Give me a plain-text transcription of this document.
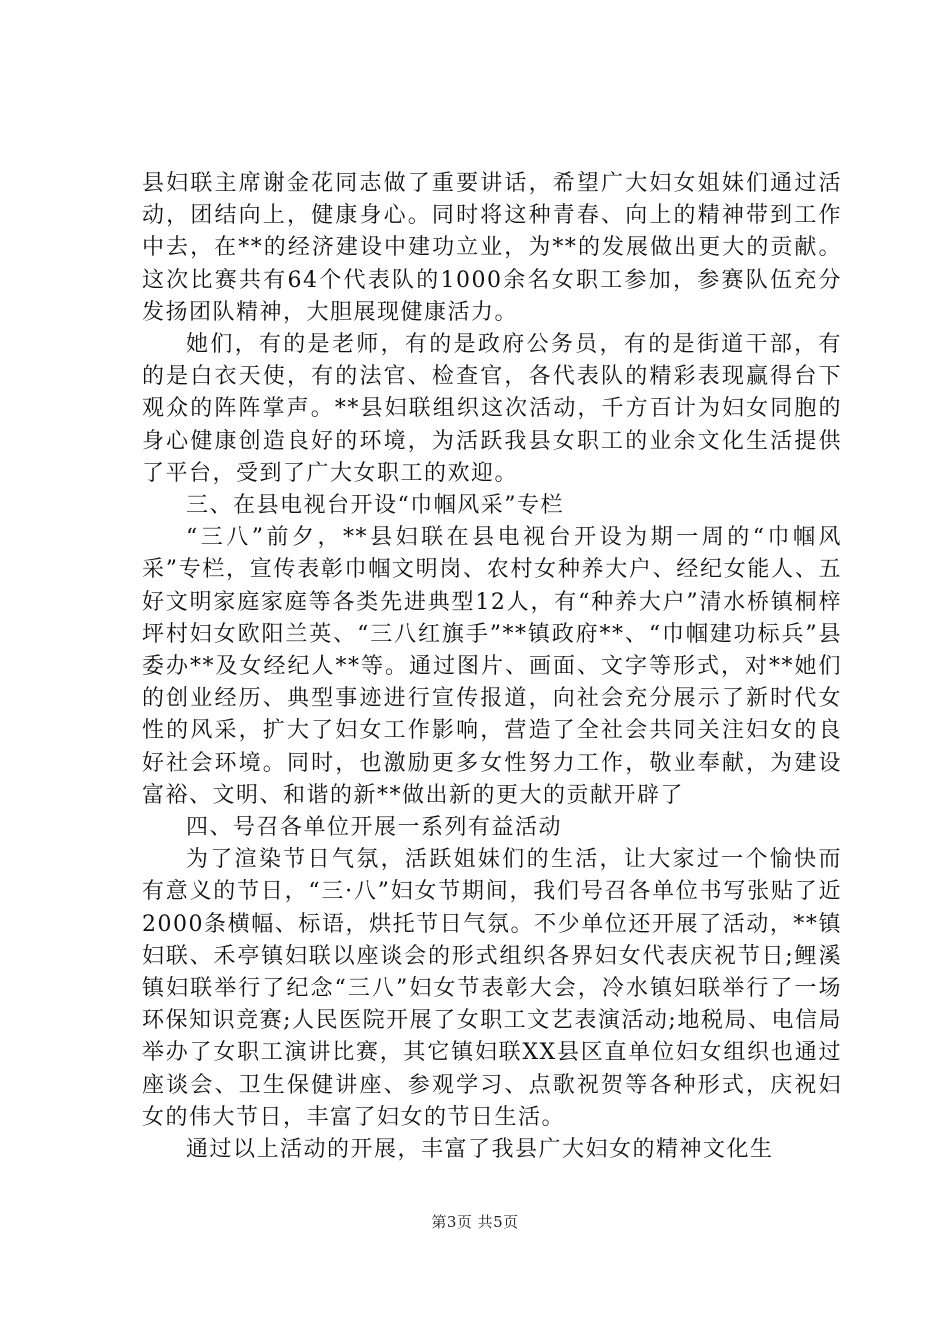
县妇联主席谢金花同志做了重要讲话，希望广大妇女姐妹们通过活动，团结向上，健康身心。同时将这种青春、向上的精神带到工作中去，在**的经济建设中建功立业，为**的发展做出更大的贡献。这次比赛共有64个代表队的1000余名女职工参加，参赛队伍充分发扬团队精神，大胆展现健康活力。

她们，有的是老师，有的是政府公务员，有的是街道干部，有的是白衣天使，有的法官、检查官，各代表队的精彩表现赢得台下观众的阵阵掌声。**县妇联组织这次活动，千方百计为妇女同胞的身心健康创造良好的环境，为活跃我县女职工的业余文化生活提供了平台，受到了广大女职工的欢迎。

三、在县电视台开设“巾帼风采”专栏

“三八”前夕，**县妇联在县电视台开设为期一周的“巾帼风采”专栏，宣传表彰巾帼文明岗、农村女种养大户、经纪女能人、五好文明家庭家庭等各类先进典型12人，有“种养大户”清水桥镇桐梓坪村妇女欧阳兰英、“三八红旗手”**镇政府**、“巾帼建功标兵”县委办**及女经纪人**等。通过图片、画面、文字等形式，对**她们的创业经历、典型事迹进行宣传报道，向社会充分展示了新时代女性的风采，扩大了妇女工作影响，营造了全社会共同关注妇女的良好社会环境。同时，也激励更多女性努力工作，敬业奉献，为建设富裕、文明、和谐的新**做出新的更大的贡献开辟了

四、号召各单位开展一系列有益活动

为了渲染节日气氛，活跃姐妹们的生活，让大家过一个愉快而有意义的节日，“三·八”妇女节期间，我们号召各单位书写张贴了近2000条横幅、标语，烘托节日气氛。不少单位还开展了活动，**镇妇联、禾亭镇妇联以座谈会的形式组织各界妇女代表庆祝节日;鲤溪镇妇联举行了纪念“三八”妇女节表彰大会，冷水镇妇联举行了一场环保知识竞赛;人民医院开展了女职工文艺表演活动;地税局、电信局举办了女职工演讲比赛，其它镇妇联XX县区直单位妇女组织也通过座谈会、卫生保健讲座、参观学习、点歌祝贺等各种形式，庆祝妇女的伟大节日，丰富了妇女的节日生活。

通过以上活动的开展，丰富了我县广大妇女的精神文化生

第3页 共5页
